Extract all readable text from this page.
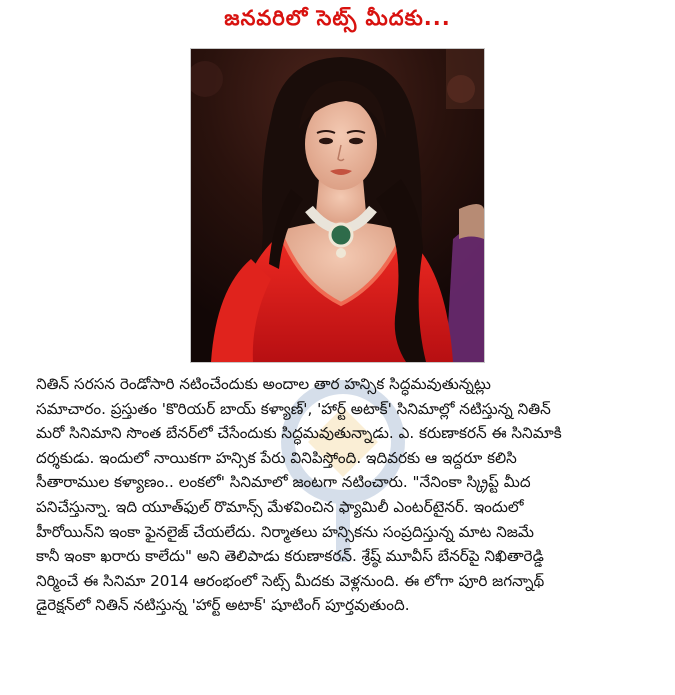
జనవరిలో సెట్స్ మీదకు...
నితిన్ సరసన రెండోసారి నటించేందుకు అందాల తార హన్సిక సిద్ధమవుతున్నట్లు
సమాచారం. ప్రస్తుతం 'కొరియర్ బాయ్ కళ్యాణ్', 'హార్ట్ అటాక్' సినిమాల్లో నటిస్తున్న నితిన్
మరో సినిమాని సొంత బేనర్‌లో చేసేందుకు సిద్ధమవుతున్నాడు. ఎ. కరుణాకరన్ ఈ సినిమాకి
దర్శకుడు. ఇందులో నాయికగా హన్సిక పేరు వినిపిస్తోంది. ఇదివరకు ఆ ఇద్దరూ కలిసి
సీతారాముల కళ్యాణం.. లంకలో' సినిమాలో జంటగా నటించారు. "నేనింకా స్క్రిప్ట్ మీద
పనిచేస్తున్నా. ఇది యూత్‌ఫుల్ రొమాన్స్ మేళవించిన ఫ్యామిలీ ఎంటర్‌టైనర్. ఇందులో
హీరోయిన్‌ని ఇంకా ఫైనలైజ్ చేయలేదు. నిర్మాతలు హన్సికను సంప్రదిస్తున్న మాట నిజమే
కానీ ఇంకా ఖరారు కాలేదు" అని తెలిపాడు కరుణాకరన్. శ్రేష్ఠ్ మూవీస్ బేనర్‌పై నిఖితారెడ్డి
నిర్మించే ఈ సినిమా 2014 ఆరంభంలో సెట్స్ మీదకు వెళ్లనుంది. ఈ లోగా పూరి జగన్నాథ్
డైరెక్షన్‌లో నితిన్ నటిస్తున్న 'హార్ట్ అటాక్' షూటింగ్ పూర్తవుతుంది.
